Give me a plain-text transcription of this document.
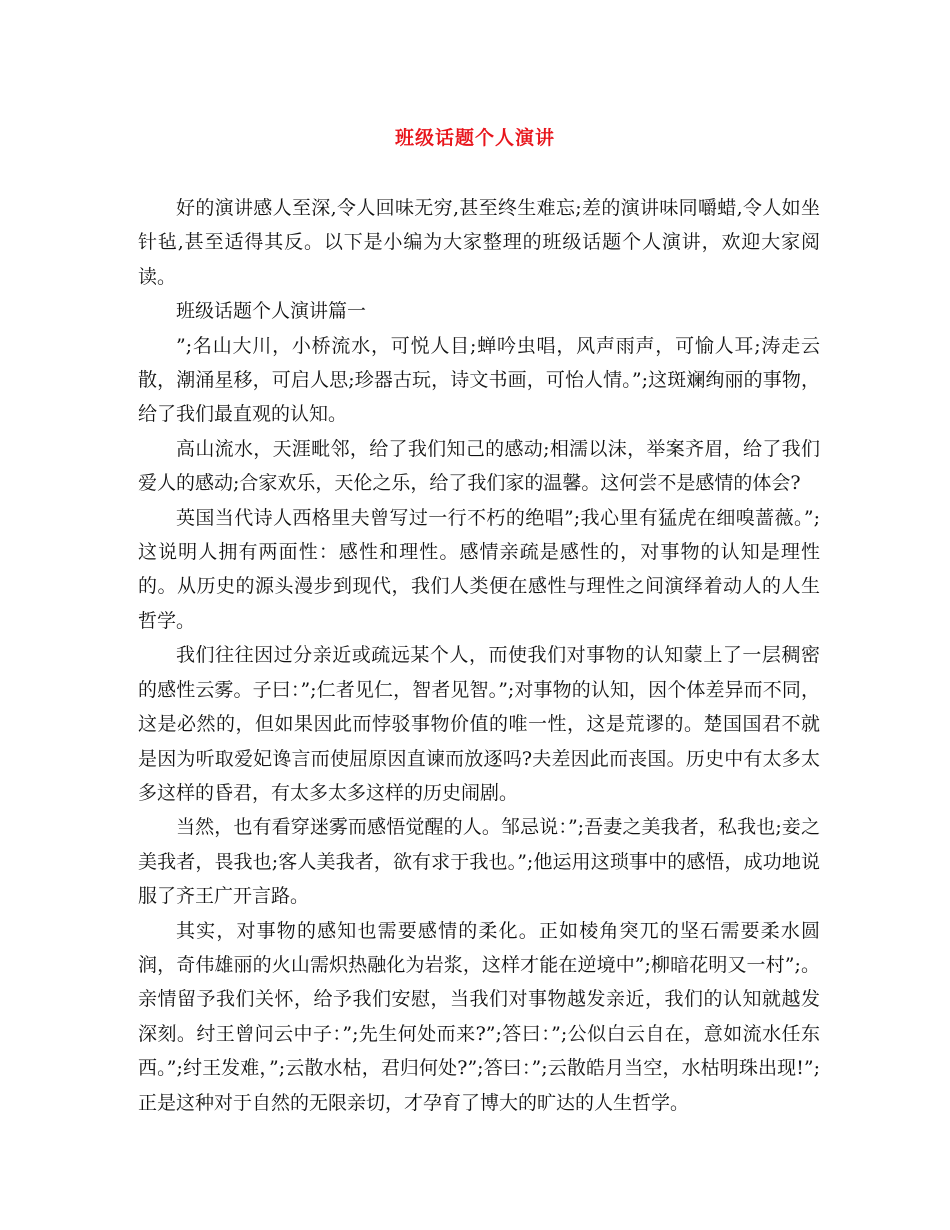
班级话题个人演讲

好的演讲感人至深,令人回味无穷,甚至终生难忘;差的演讲味同嚼蜡,令人如坐针毡,甚至适得其反。以下是小编为大家整理的班级话题个人演讲，欢迎大家阅读。

班级话题个人演讲篇一

”;名山大川，小桥流水，可悦人目;蝉吟虫唱，风声雨声，可愉人耳;涛走云散，潮涌星移，可启人思;珍器古玩，诗文书画，可怡人情。”;这斑斓绚丽的事物，给了我们最直观的认知。

高山流水，天涯毗邻，给了我们知己的感动;相濡以沫，举案齐眉，给了我们爱人的感动;合家欢乐，天伦之乐，给了我们家的温馨。这何尝不是感情的体会?

英国当代诗人西格里夫曾写过一行不朽的绝唱”;我心里有猛虎在细嗅蔷薇。”;这说明人拥有两面性：感性和理性。感情亲疏是感性的，对事物的认知是理性的。从历史的源头漫步到现代，我们人类便在感性与理性之间演绎着动人的人生哲学。

我们往往因过分亲近或疏远某个人，而使我们对事物的认知蒙上了一层稠密的感性云雾。子曰：”;仁者见仁，智者见智。”;对事物的认知，因个体差异而不同，这是必然的，但如果因此而悖驳事物价值的唯一性，这是荒谬的。楚国国君不就是因为听取爱妃谗言而使屈原因直谏而放逐吗?夫差因此而丧国。历史中有太多太多这样的昏君，有太多太多这样的历史闹剧。

当然，也有看穿迷雾而感悟觉醒的人。邹忌说：”;吾妻之美我者，私我也;妾之美我者，畏我也;客人美我者，欲有求于我也。”;他运用这琐事中的感悟，成功地说服了齐王广开言路。

其实，对事物的感知也需要感情的柔化。正如棱角突兀的坚石需要柔水圆润，奇伟雄丽的火山需炽热融化为岩浆，这样才能在逆境中”;柳暗花明又一村”;。亲情留予我们关怀，给予我们安慰，当我们对事物越发亲近，我们的认知就越发深刻。纣王曾问云中子：”;先生何处而来?”;答曰：”;公似白云自在，意如流水任东西。”;纣王发难，”;云散水枯，君归何处?”;答曰：”;云散皓月当空，水枯明珠出现!”;正是这种对于自然的无限亲切，才孕育了博大的旷达的人生哲学。
